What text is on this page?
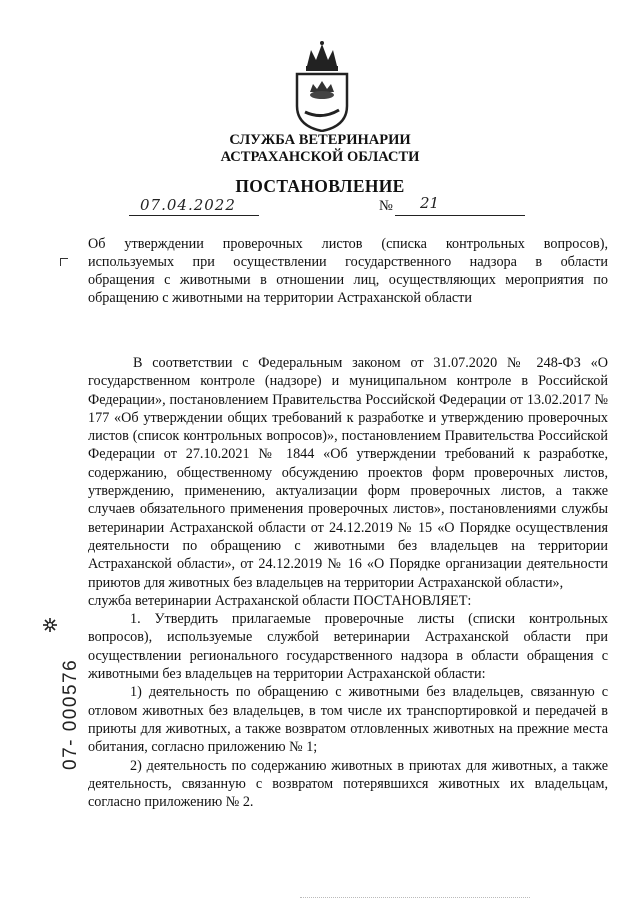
СЛУЖБА ВЕТЕРИНАРИИ
АСТРАХАНСКОЙ ОБЛАСТИ
ПОСТАНОВЛЕНИЕ
07.04.2022	№ 21
Об утверждении проверочных листов (списка контрольных вопросов),
используемых при осуществлении государственного надзора в области
обращения с животными в отношении лиц, осуществляющих мероприятия по
обращению с животными на территории Астраханской области

В соответствии с Федеральным законом от 31.07.2020 № 248-ФЗ «О государственном контроле (надзоре) и муниципальном контроле в Российской Федерации», постановлением Правительства Российской Федерации от 13.02.2017 № 177 «Об утверждении общих требований к разработке и утверждению проверочных листов (список контрольных вопросов)», постановлением Правительства Российской Федерации от 27.10.2021 № 1844 «Об утверждении требований к разработке, содержанию, общественному обсуждению проектов форм проверочных листов, утверждению, применению, актуализации форм проверочных листов, а также случаев обязательного применения проверочных листов», постановлениями службы ветеринарии Астраханской области от 24.12.2019 № 15 «О Порядке осуществления деятельности по обращению с животными без владельцев на территории Астраханской области», от 24.12.2019 № 16 «О Порядке организации деятельности приютов для животных без владельцев на территории Астраханской области»,

служба ветеринарии Астраханской области ПОСТАНОВЛЯЕТ:

1. Утвердить прилагаемые проверочные листы (списки контрольных вопросов), используемые службой ветеринарии Астраханской области при осуществлении регионального государственного надзора в области обращения с животными без владельцев на территории Астраханской области:

1) деятельность по обращению с животными без владельцев, связанную с отловом животных без владельцев, в том числе их транспортировкой и передачей в приюты для животных, а также возвратом отловленных животных на прежние места обитания, согласно приложению № 1;

2) деятельность по содержанию животных в приютах для животных, а также деятельность, связанную с возвратом потерявшихся животных их владельцам, согласно приложению № 2.

07- 000576
